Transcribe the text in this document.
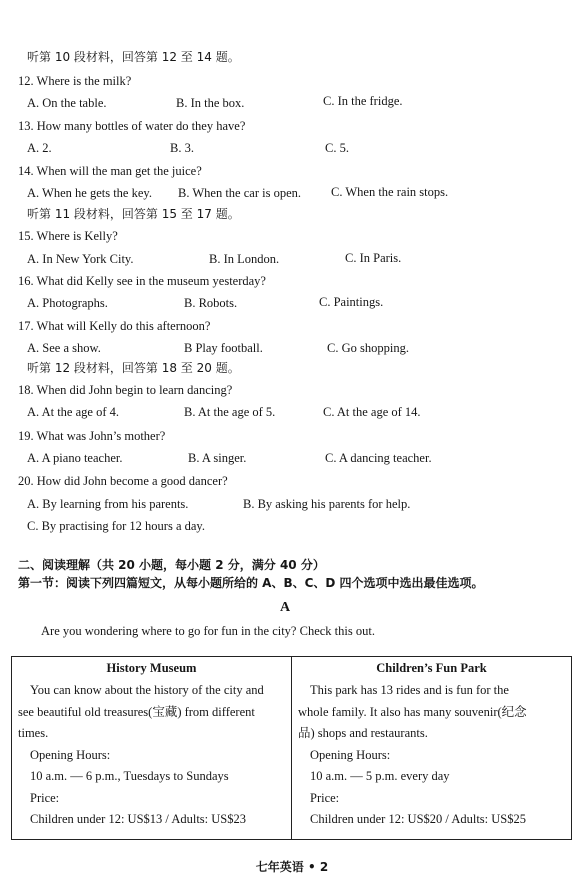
听第 10 段材料，回答第 12 至 14 题。
12. Where is the milk?
A. On the table.	B. In the box.	C. In the fridge.
13. How many bottles of water do they have?
A. 2.	B. 3.	C. 5.
14. When will the man get the juice?
A. When he gets the key. B. When the car is open. C. When the rain stops.
听第 11 段材料，回答第 15 至 17 题。
15. Where is Kelly?
A. In New York City.	B. In London.	C. In Paris.
16. What did Kelly see in the museum yesterday?
A. Photographs.	B. Robots.	C. Paintings.
17. What will Kelly do this afternoon?
A. See a show.	B Play football.	C. Go shopping.
听第 12 段材料，回答第 18 至 20 题。
18. When did John begin to learn dancing?
A. At the age of 4.	B. At the age of 5.	C. At the age of 14.
19. What was John’s mother?
A. A piano teacher.	B. A singer.	C. A dancing teacher.
20. How did John become a good dancer?
A. By learning from his parents.	B. By asking his parents for help.
C. By practising for 12 hours a day.
二、阅读理解（共 20 小题，每小题 2 分，满分 40 分）
第一节：阅读下列四篇短文，从每小题所给的 A、B、C、D 四个选项中选出最佳选项。
A
Are you wondering where to go for fun in the city? Check this out.
History Museum
You can know about the history of the city and
see beautiful old treasures(宝藏) from different
times.
Opening Hours:
10 a.m. — 6 p.m., Tuesdays to Sundays
Price:
Children under 12: US$13 / Adults: US$23

Children’s Fun Park
This park has 13 rides and is fun for the
whole family. It also has many souvenir(纪念
品) shops and restaurants.
Opening Hours:
10 a.m. — 5 p.m. every day
Price:
Children under 12: US$20 / Adults: US$25
七年英语 • 2
